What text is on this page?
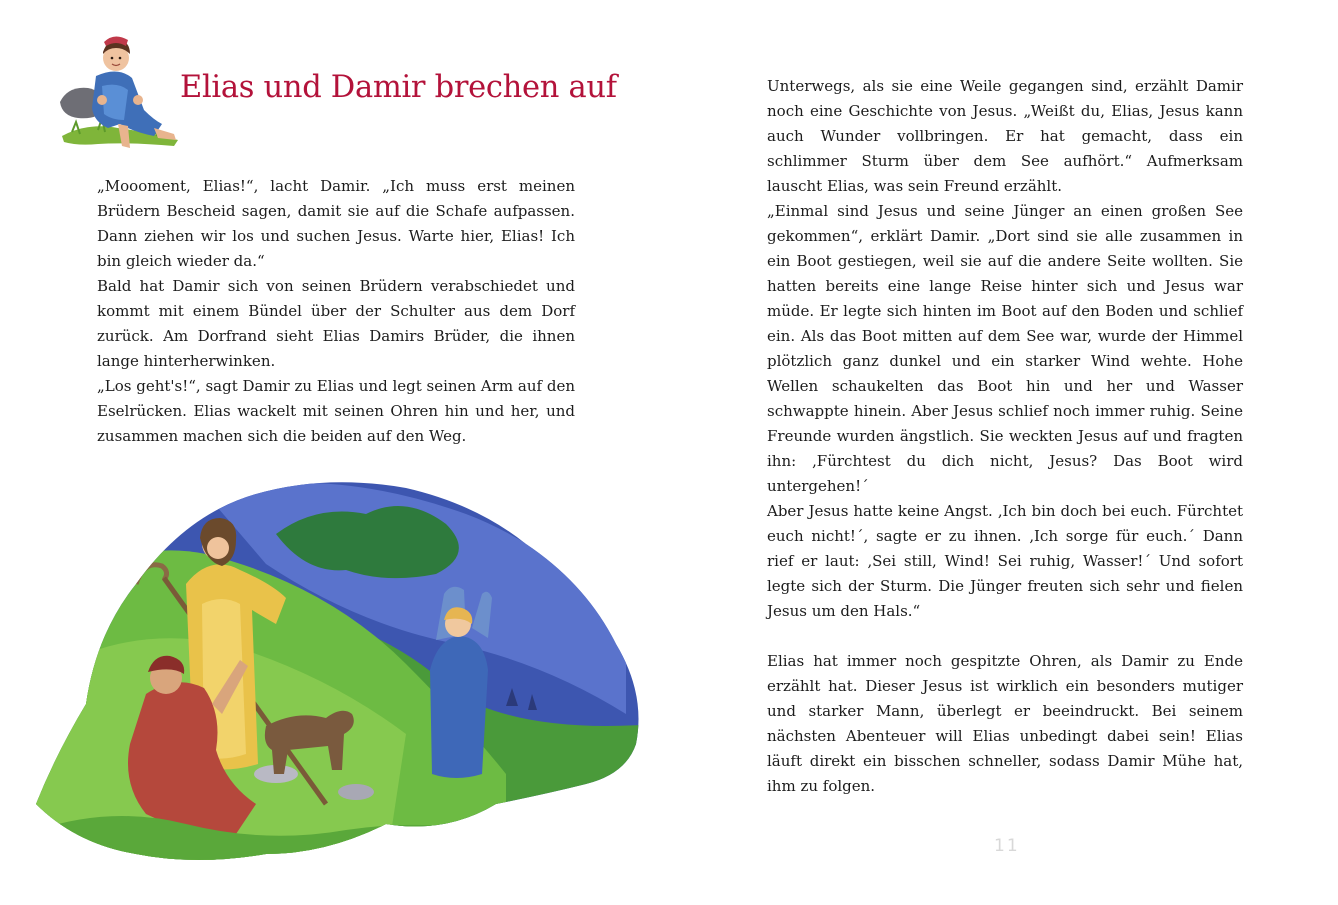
Elias und Damir brechen auf

„Moooment, Elias!“, lacht Damir. „Ich muss erst meinen Brüdern Bescheid sagen, damit sie auf die Schafe aufpassen. Dann ziehen wir los und suchen Jesus. Warte hier, Elias! Ich bin gleich wieder da.“

Bald hat Damir sich von seinen Brüdern verabschiedet und kommt mit einem Bündel über der Schulter aus dem Dorf zurück. Am Dorfrand sieht Elias Damirs Brüder, die ihnen lange hinterherwinken.

„Los geht's!“, sagt Damir zu Elias und legt seinen Arm auf den Eselrücken. Elias wackelt mit seinen Ohren hin und her, und zusammen machen sich die beiden auf den Weg.

Unterwegs, als sie eine Weile gegangen sind, erzählt Damir noch eine Geschichte von Jesus. „Weißt du, Elias, Jesus kann auch Wunder vollbringen. Er hat gemacht, dass ein schlimmer Sturm über dem See aufhört.“ Aufmerksam lauscht Elias, was sein Freund erzählt.

„Einmal sind Jesus und seine Jünger an einen großen See gekommen“, erklärt Damir. „Dort sind sie alle zusammen in ein Boot gestiegen, weil sie auf die andere Seite wollten. Sie hatten bereits eine lange Reise hinter sich und Jesus war müde. Er legte sich hinten im Boot auf den Boden und schlief ein. Als das Boot mitten auf dem See war, wurde der Himmel plötzlich ganz dunkel und ein starker Wind wehte. Hohe Wellen schaukelten das Boot hin und her und Wasser schwappte hinein. Aber Jesus schlief noch immer ruhig. Seine Freunde wurden ängstlich. Sie weckten Jesus auf und fragten ihn: ‚Fürchtest du dich nicht, Jesus? Das Boot wird untergehen!´

Aber Jesus hatte keine Angst. ‚Ich bin doch bei euch. Fürchtet euch nicht!´, sagte er zu ihnen. ‚Ich sorge für euch.´ Dann rief er laut: ‚Sei still, Wind! Sei ruhig, Wasser!´ Und sofort legte sich der Sturm. Die Jünger freuten sich sehr und fielen Jesus um den Hals.“

Elias hat immer noch gespitzte Ohren, als Damir zu Ende erzählt hat. Dieser Jesus ist wirklich ein besonders mutiger und starker Mann, überlegt er beeindruckt. Bei seinem nächsten Abenteuer will Elias unbedingt dabei sein! Elias läuft direkt ein bisschen schneller, sodass Damir Mühe hat, ihm zu folgen.

11
